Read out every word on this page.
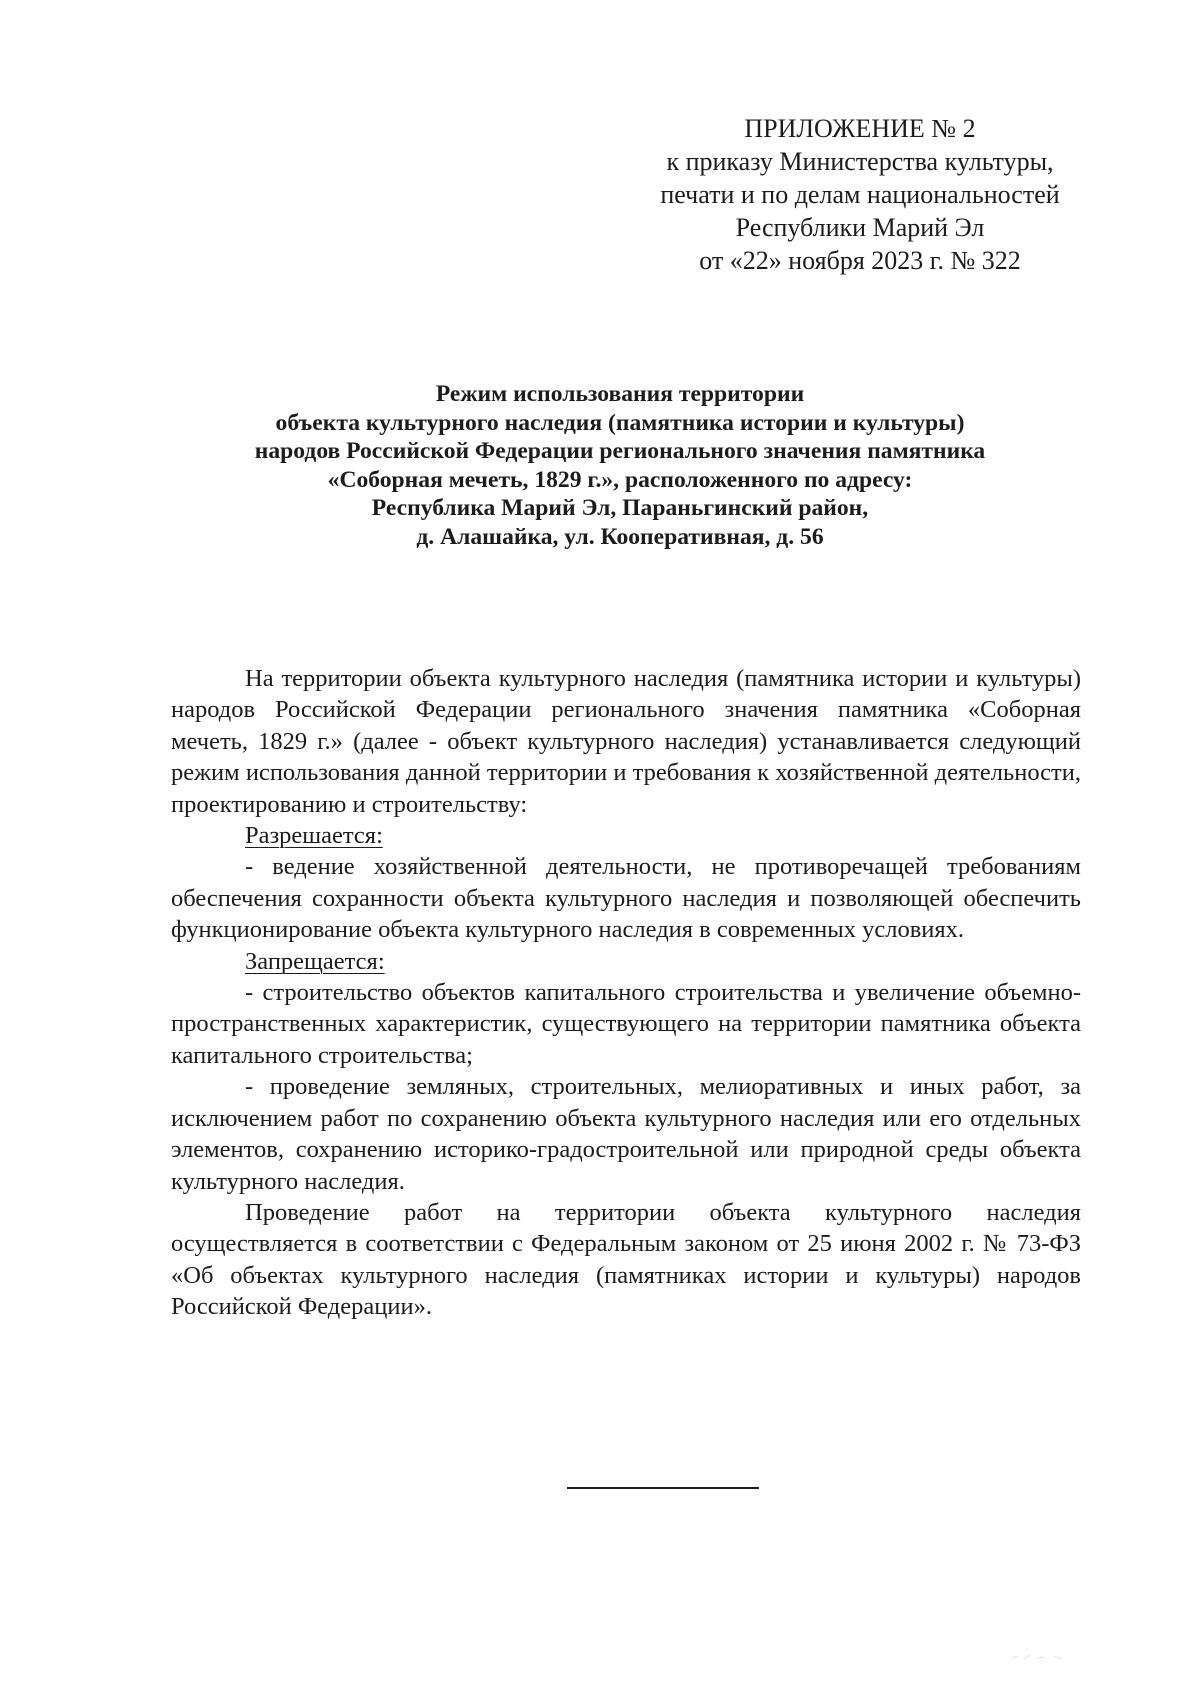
ПРИЛОЖЕНИЕ № 2
к приказу Министерства культуры,
печати и по делам национальностей
Республики Марий Эл
от «22» ноября 2023 г. № 322
Режим использования территории
объекта культурного наследия (памятника истории и культуры)
народов Российской Федерации регионального значения памятника
«Соборная мечеть, 1829 г.», расположенного по адресу:
Республика Марий Эл, Параньгинский район,
д. Алашайка, ул. Кооперативная, д. 56

На территории объекта культурного наследия (памятника истории и культуры) народов Российской Федерации регионального значения памятника «Соборная мечеть, 1829 г.» (далее - объект культурного наследия) устанавливается следующий режим использования данной территории и требования к хозяйственной деятельности, проектированию и строительству:

Разрешается:

- ведение хозяйственной деятельности, не противоречащей требованиям обеспечения сохранности объекта культурного наследия и позволяющей обеспечить функционирование объекта культурного наследия в современных условиях.

Запрещается:

- строительство объектов капитального строительства и увеличение объемно-пространственных характеристик, существующего на территории памятника объекта капитального строительства;

- проведение земляных, строительных, мелиоративных и иных работ, за исключением работ по сохранению объекта культурного наследия или его отдельных элементов, сохранению историко-градостроительной или природной среды объекта культурного наследия.

Проведение работ на территории объекта культурного наследия осуществляется в соответствии с Федеральным законом от 25 июня 2002 г. № 73-ФЗ «Об объектах культурного наследия (памятниках истории и культуры) народов Российской Федерации».
